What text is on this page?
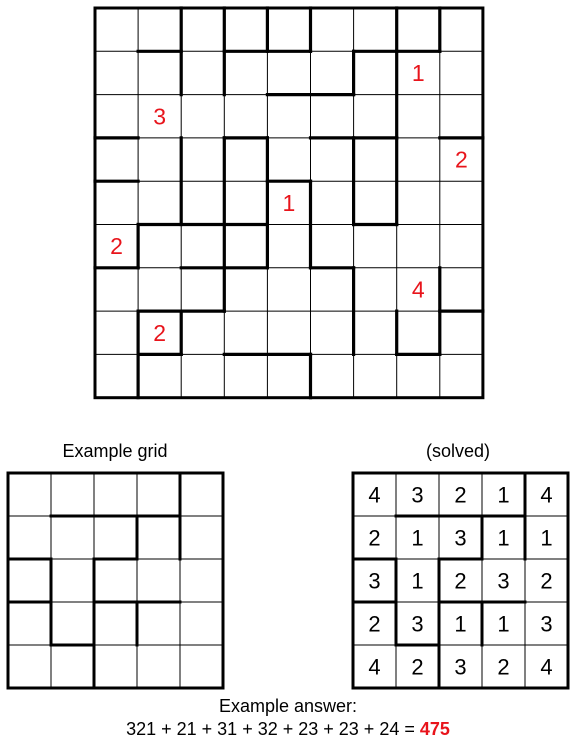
1
3
2
1
2
4
2
4 3 2 1 4
2 1 3 1 1
3 1 2 3 2
2 3 1 1 3
4 2 3 2 4
Example grid	(solved)
Example answer:
321 + 21 + 31 + 32 + 23 + 23 + 24 = 475
